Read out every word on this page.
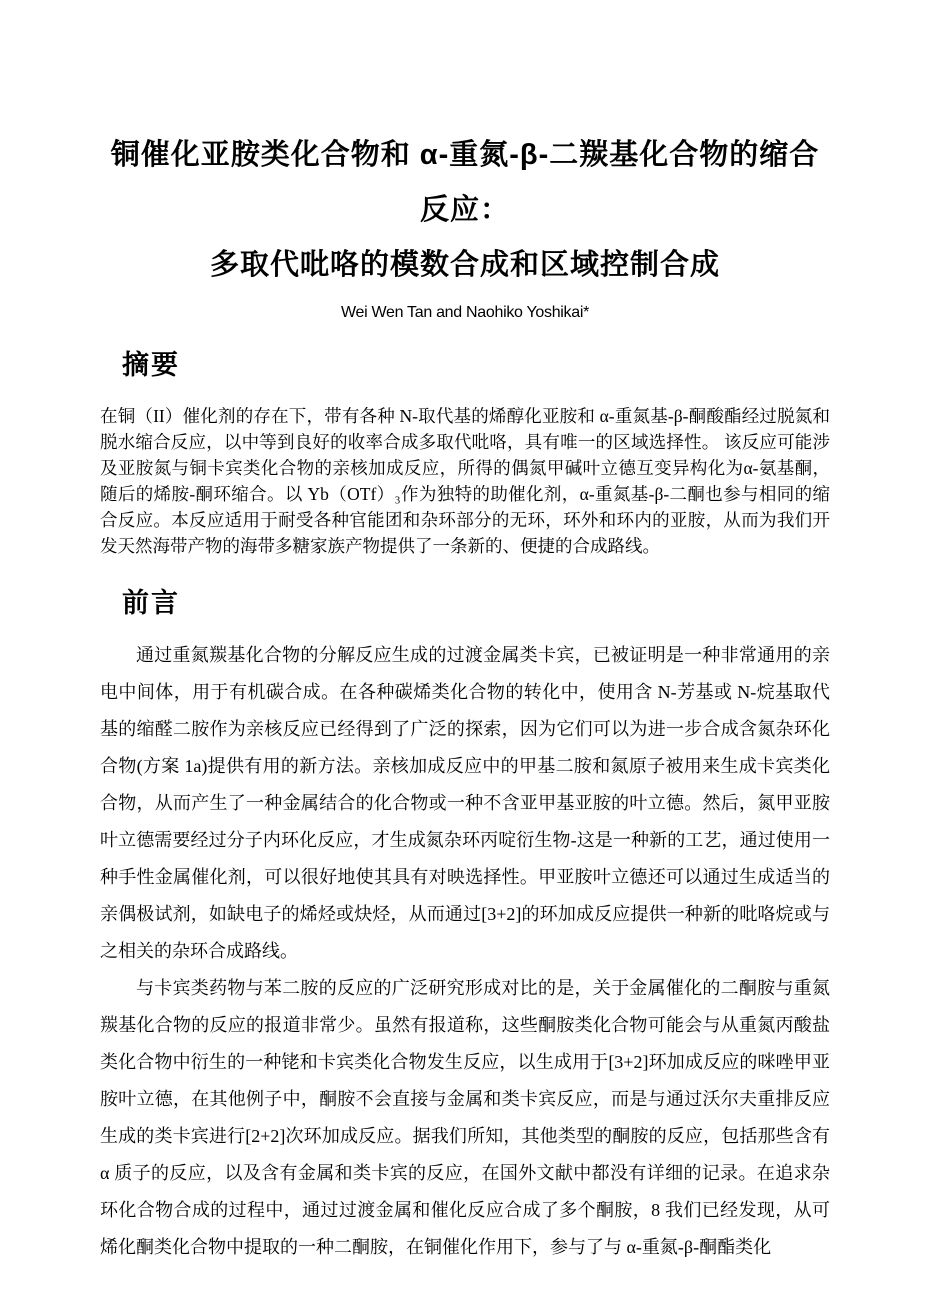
铜催化亚胺类化合物和 α-重氮-β-二羰基化合物的缩合反应：
多取代吡咯的模数合成和区域控制合成
Wei Wen Tan and Naohiko Yoshikai*
摘要

在铜（II）催化剂的存在下，带有各种 N-取代基的烯醇化亚胺和 α-重氮基-β-酮酸酯经过脱氮和脱水缩合反应，以中等到良好的收率合成多取代吡咯，具有唯一的区域选择性。 该反应可能涉及亚胺氮与铜卡宾类化合物的亲核加成反应，所得的偶氮甲碱叶立德互变异构化为α-氨基酮，随后的烯胺-酮环缩合。以 Yb（OTf）₃作为独特的助催化剂，α-重氮基-β-二酮也参与相同的缩合反应。本反应适用于耐受各种官能团和杂环部分的无环，环外和环内的亚胺，从而为我们开发天然海带产物的海带多糖家族产物提供了一条新的、便捷的合成路线。

前言

通过重氮羰基化合物的分解反应生成的过渡金属类卡宾，已被证明是一种非常通用的亲电中间体，用于有机碳合成。在各种碳烯类化合物的转化中，使用含 N-芳基或 N-烷基取代基的缩醛二胺作为亲核反应已经得到了广泛的探索，因为它们可以为进一步合成含氮杂环化合物(方案 1a)提供有用的新方法。亲核加成反应中的甲基二胺和氮原子被用来生成卡宾类化合物，从而产生了一种金属结合的化合物或一种不含亚甲基亚胺的叶立德。然后，氮甲亚胺叶立德需要经过分子内环化反应，才生成氮杂环丙啶衍生物-这是一种新的工艺，通过使用一种手性金属催化剂，可以很好地使其具有对映选择性。甲亚胺叶立德还可以通过生成适当的亲偶极试剂，如缺电子的烯烃或炔烃，从而通过[3+2]的环加成反应提供一种新的吡咯烷或与之相关的杂环合成路线。

与卡宾类药物与苯二胺的反应的广泛研究形成对比的是，关于金属催化的二酮胺与重氮羰基化合物的反应的报道非常少。虽然有报道称，这些酮胺类化合物可能会与从重氮丙酸盐类化合物中衍生的一种铑和卡宾类化合物发生反应，以生成用于[3+2]环加成反应的咪唑甲亚胺叶立德，在其他例子中，酮胺不会直接与金属和类卡宾反应，而是与通过沃尔夫重排反应生成的类卡宾进行[2+2]次环加成反应。据我们所知，其他类型的酮胺的反应，包括那些含有 α 质子的反应，以及含有金属和类卡宾的反应，在国外文献中都没有详细的记录。在追求杂环化合物合成的过程中，通过过渡金属和催化反应合成了多个酮胺，8 我们已经发现，从可烯化酮类化合物中提取的一种二酮胺，在铜催化作用下，参与了与 α-重氮-β-酮酯类化
